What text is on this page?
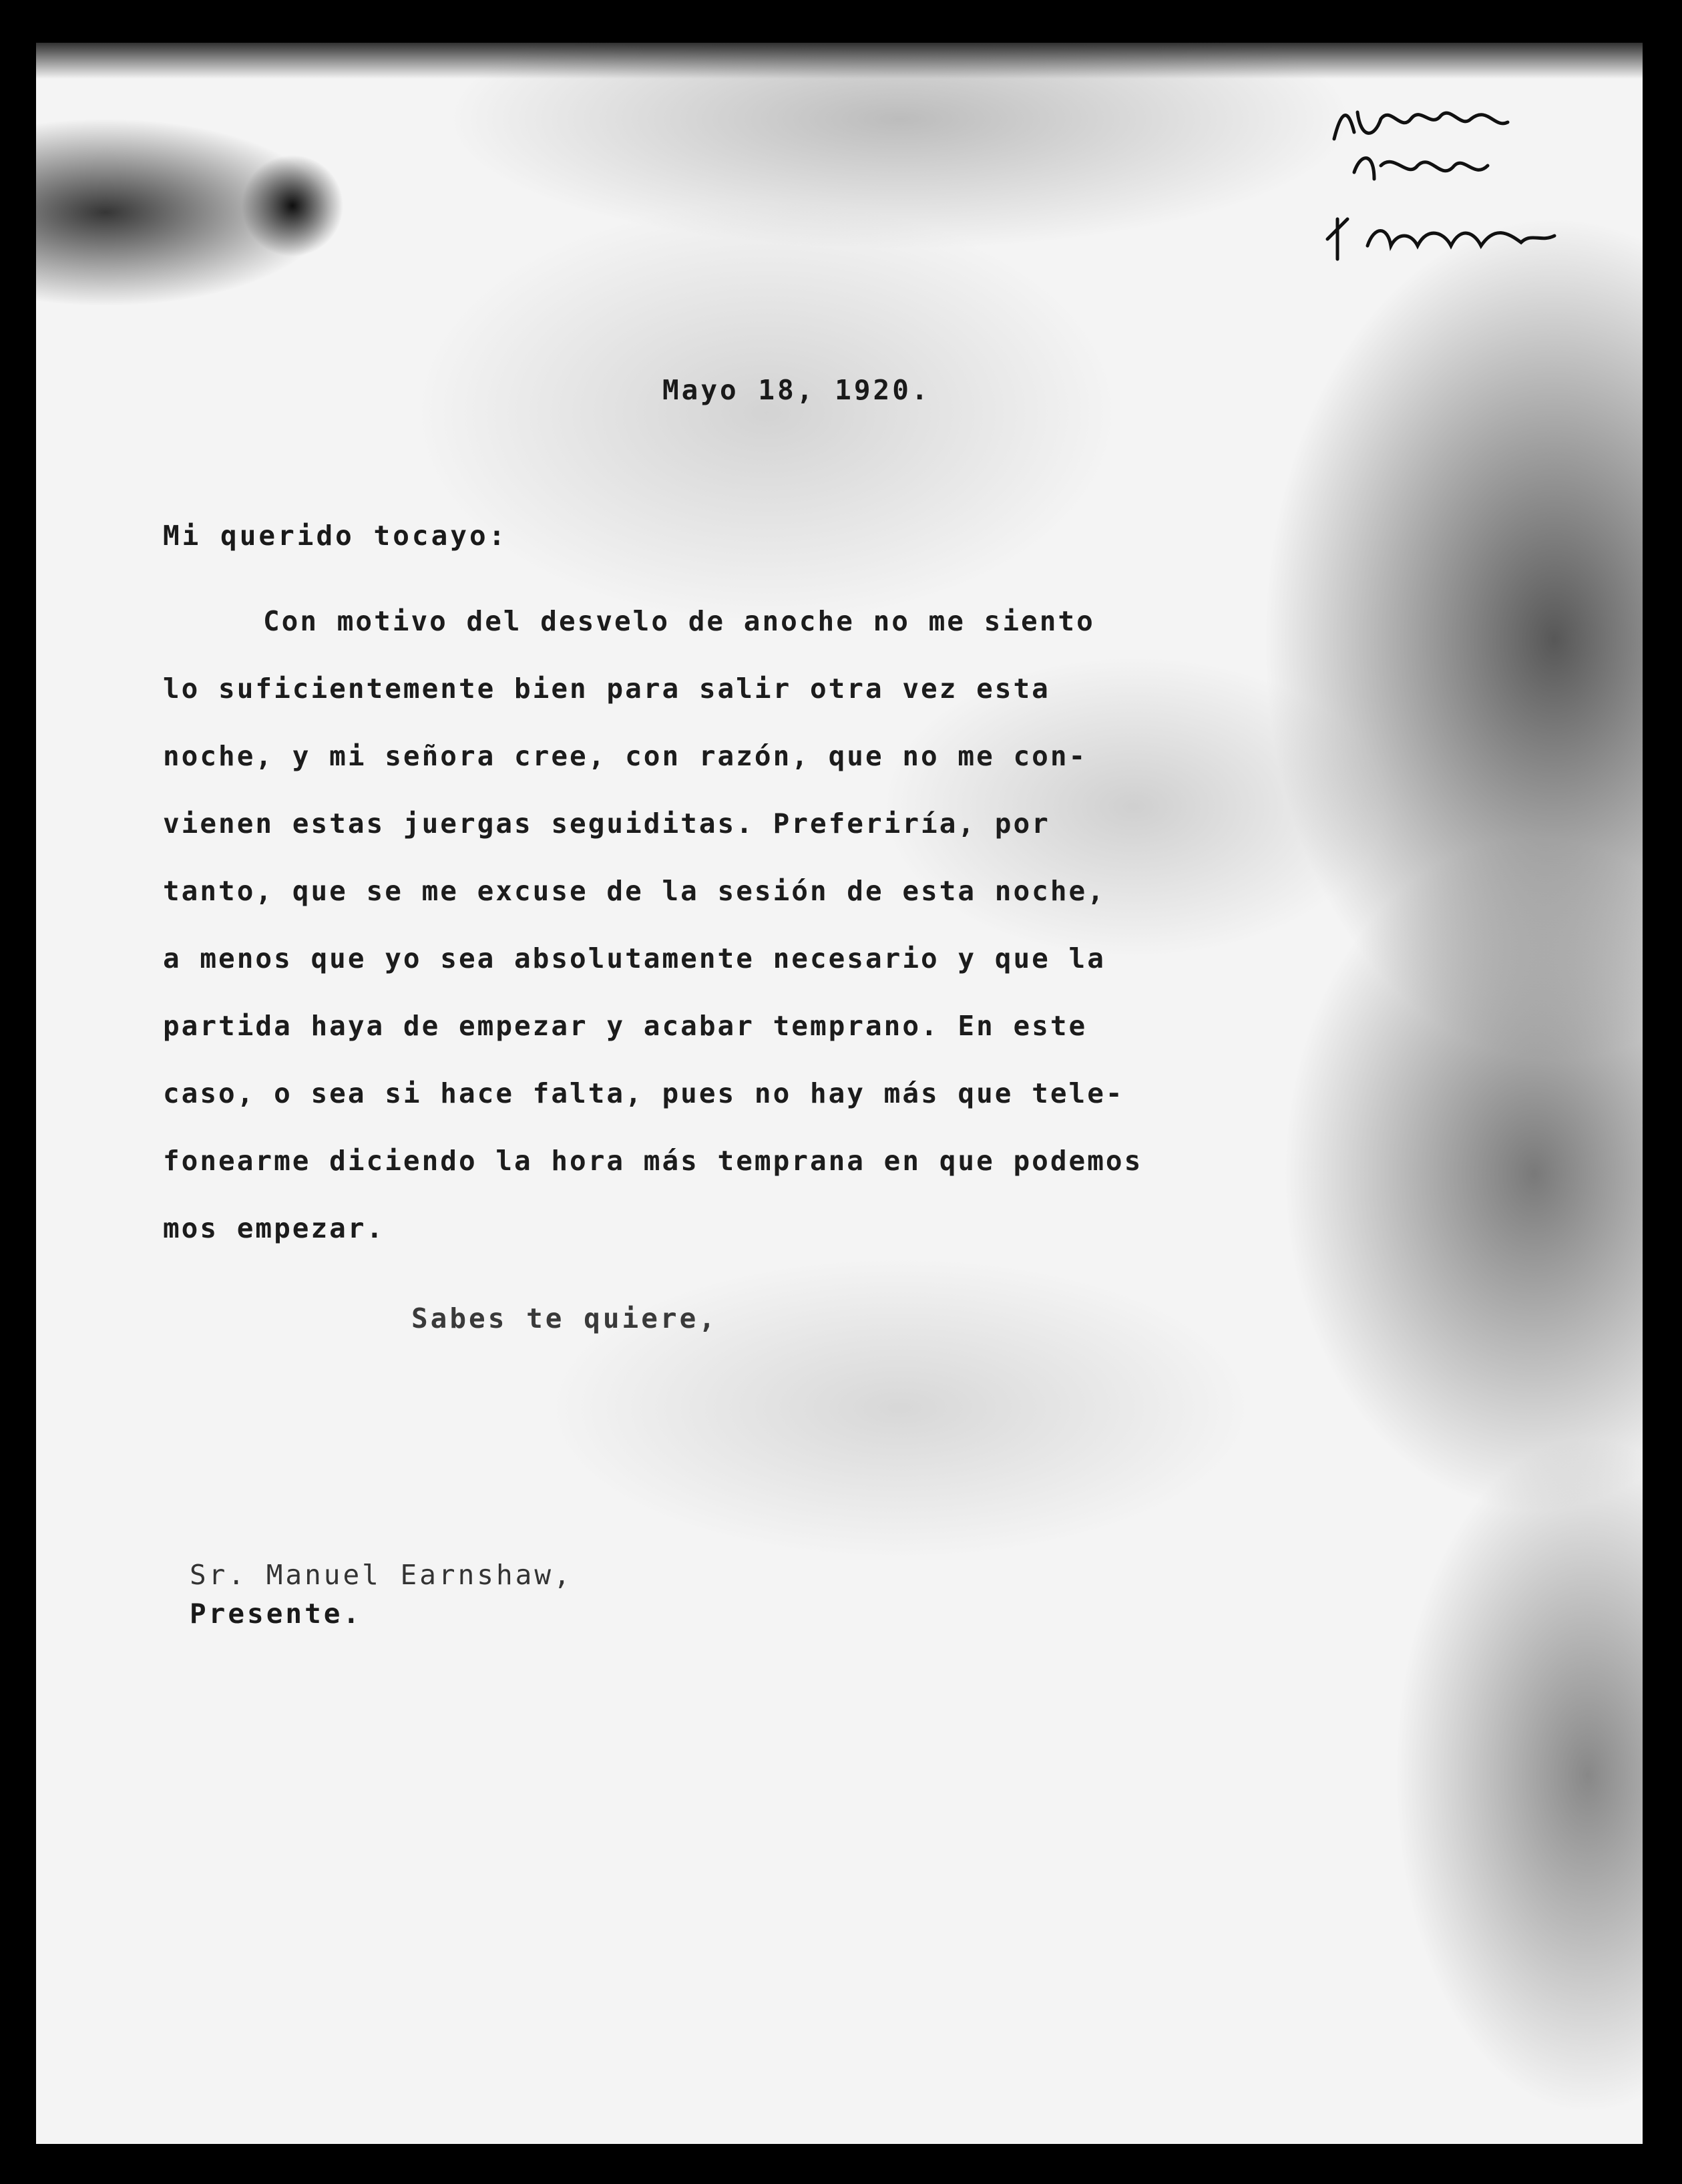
Mayo 18, 1920.
Mi querido tocayo:
Con motivo del desvelo de anoche no me siento
lo suficientemente bien para salir otra vez esta
noche, y mi señora cree, con razón, que no me con-
vienen estas juergas seguiditas. Preferiría, por
tanto, que se me excuse de la sesión de esta noche,
a menos que yo sea absolutamente necesario y que la
partida haya de empezar y acabar temprano. En este
caso, o sea si hace falta, pues no hay más que tele-
fonearme diciendo la hora más temprana en que podemos
mos empezar.
Sabes te quiere,
Sr. Manuel Earnshaw,
Presente.
